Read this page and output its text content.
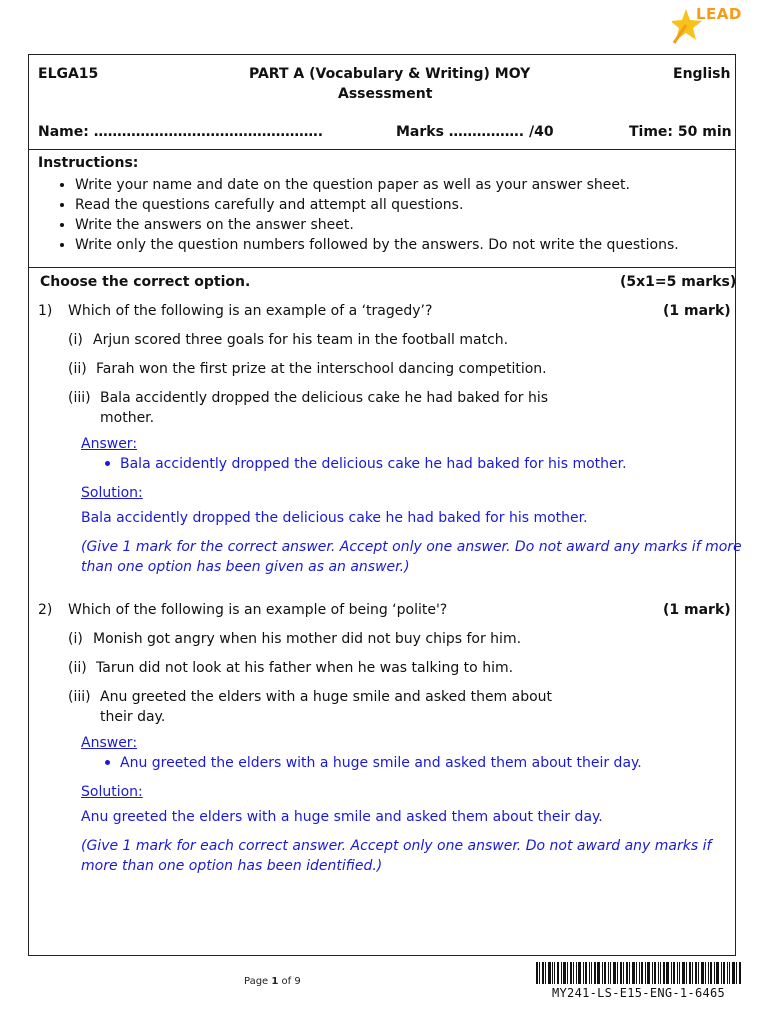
LEAD
ELGA15	PART A (Vocabulary & Writing) MOY
Assessment
English
Name: ………………………………………….	Marks ……………. /40	Time: 50 min
Instructions:
• Write your name and date on the question paper as well as your answer sheet.
• Read the questions carefully and attempt all questions.
• Write the answers on the answer sheet.
• Write only the question numbers followed by the answers. Do not write the questions.
Choose the correct option.	(5x1=5 marks)
1) Which of the following is an example of a ‘tragedy’?	(1 mark)
(i) Arjun scored three goals for his team in the football match.
(ii) Farah won the first prize at the interschool dancing competition.
(iii) Bala accidently dropped the delicious cake he had baked for his
mother.
Answer:
Bala accidently dropped the delicious cake he had baked for his mother.
Solution:
Bala accidently dropped the delicious cake he had baked for his mother.
(Give 1 mark for the correct answer. Accept only one answer. Do not award any marks if more
than one option has been given as an answer.)
2) Which of the following is an example of being ‘polite'?	(1 mark)
(i) Monish got angry when his mother did not buy chips for him.
(ii) Tarun did not look at his father when he was talking to him.
(iii) Anu greeted the elders with a huge smile and asked them about
their day.
Answer:
Anu greeted the elders with a huge smile and asked them about their day.
Solution:
Anu greeted the elders with a huge smile and asked them about their day.
(Give 1 mark for each correct answer. Accept only one answer. Do not award any marks if
more than one option has been identified.)
Page 1 of 9
MY241-LS-E15-ENG-1-6465
